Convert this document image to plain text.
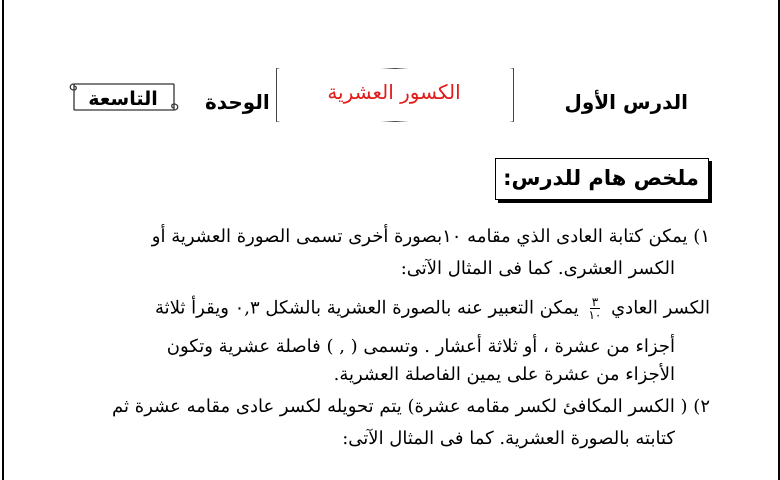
الدرس الأول
الكسور العشرية
الوحدة
التاسعة
ملخص هام للدرس:
١) يمكن كتابة العادى الذي مقامه ١٠بصورة أخرى تسمى الصورة العشرية أو
الكسر العشرى. كما فى المثال الآتى:
الكسر العادي
$\frac{٣}{١٠}$
يمكن التعبير عنه بالصورة العشرية بالشكل ٠,٣ ويقرأ ثلاثة
أجزاء من عشرة ، أو ثلاثة أعشار . وتسمى ( , ) فاصلة عشرية وتكون
الأجزاء من عشرة على يمين الفاصلة العشرية.
٢) ( الكسر المكافئ لكسر مقامه عشرة) يتم تحويله لكسر عادى مقامه عشرة ثم
كتابته بالصورة العشرية. كما فى المثال الآتى:
